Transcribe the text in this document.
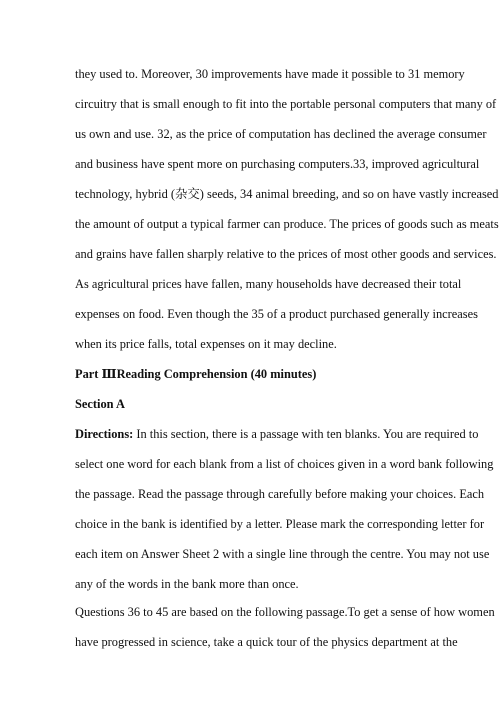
they used to. Moreover, 30 improvements have made it possible to 31 memory
circuitry that is small enough to fit into the portable personal computers that many of
us own and use. 32, as the price of computation has declined the average consumer
and business have spent more on purchasing computers.33, improved agricultural
technology, hybrid (杂交) seeds, 34 animal breeding, and so on have vastly increased
the amount of output a typical farmer can produce. The prices of goods such as meats
and grains have fallen sharply relative to the prices of most other goods and services.
As agricultural prices have fallen, many households have decreased their total
expenses on food. Even though the 35 of a product purchased generally increases
when its price falls, total expenses on it may decline.
Part ⅢReading Comprehension (40 minutes)
Section A
Directions: In this section, there is a passage with ten blanks. You are required to
select one word for each blank from a list of choices given in a word bank following
the passage. Read the passage through carefully before making your choices. Each
choice in the bank is identified by a letter. Please mark the corresponding letter for
each item on Answer Sheet 2 with a single line through the centre. You may not use
any of the words in the bank more than once.
Questions 36 to 45 are based on the following passage.To get a sense of how women
have progressed in science, take a quick tour of the physics department at the
